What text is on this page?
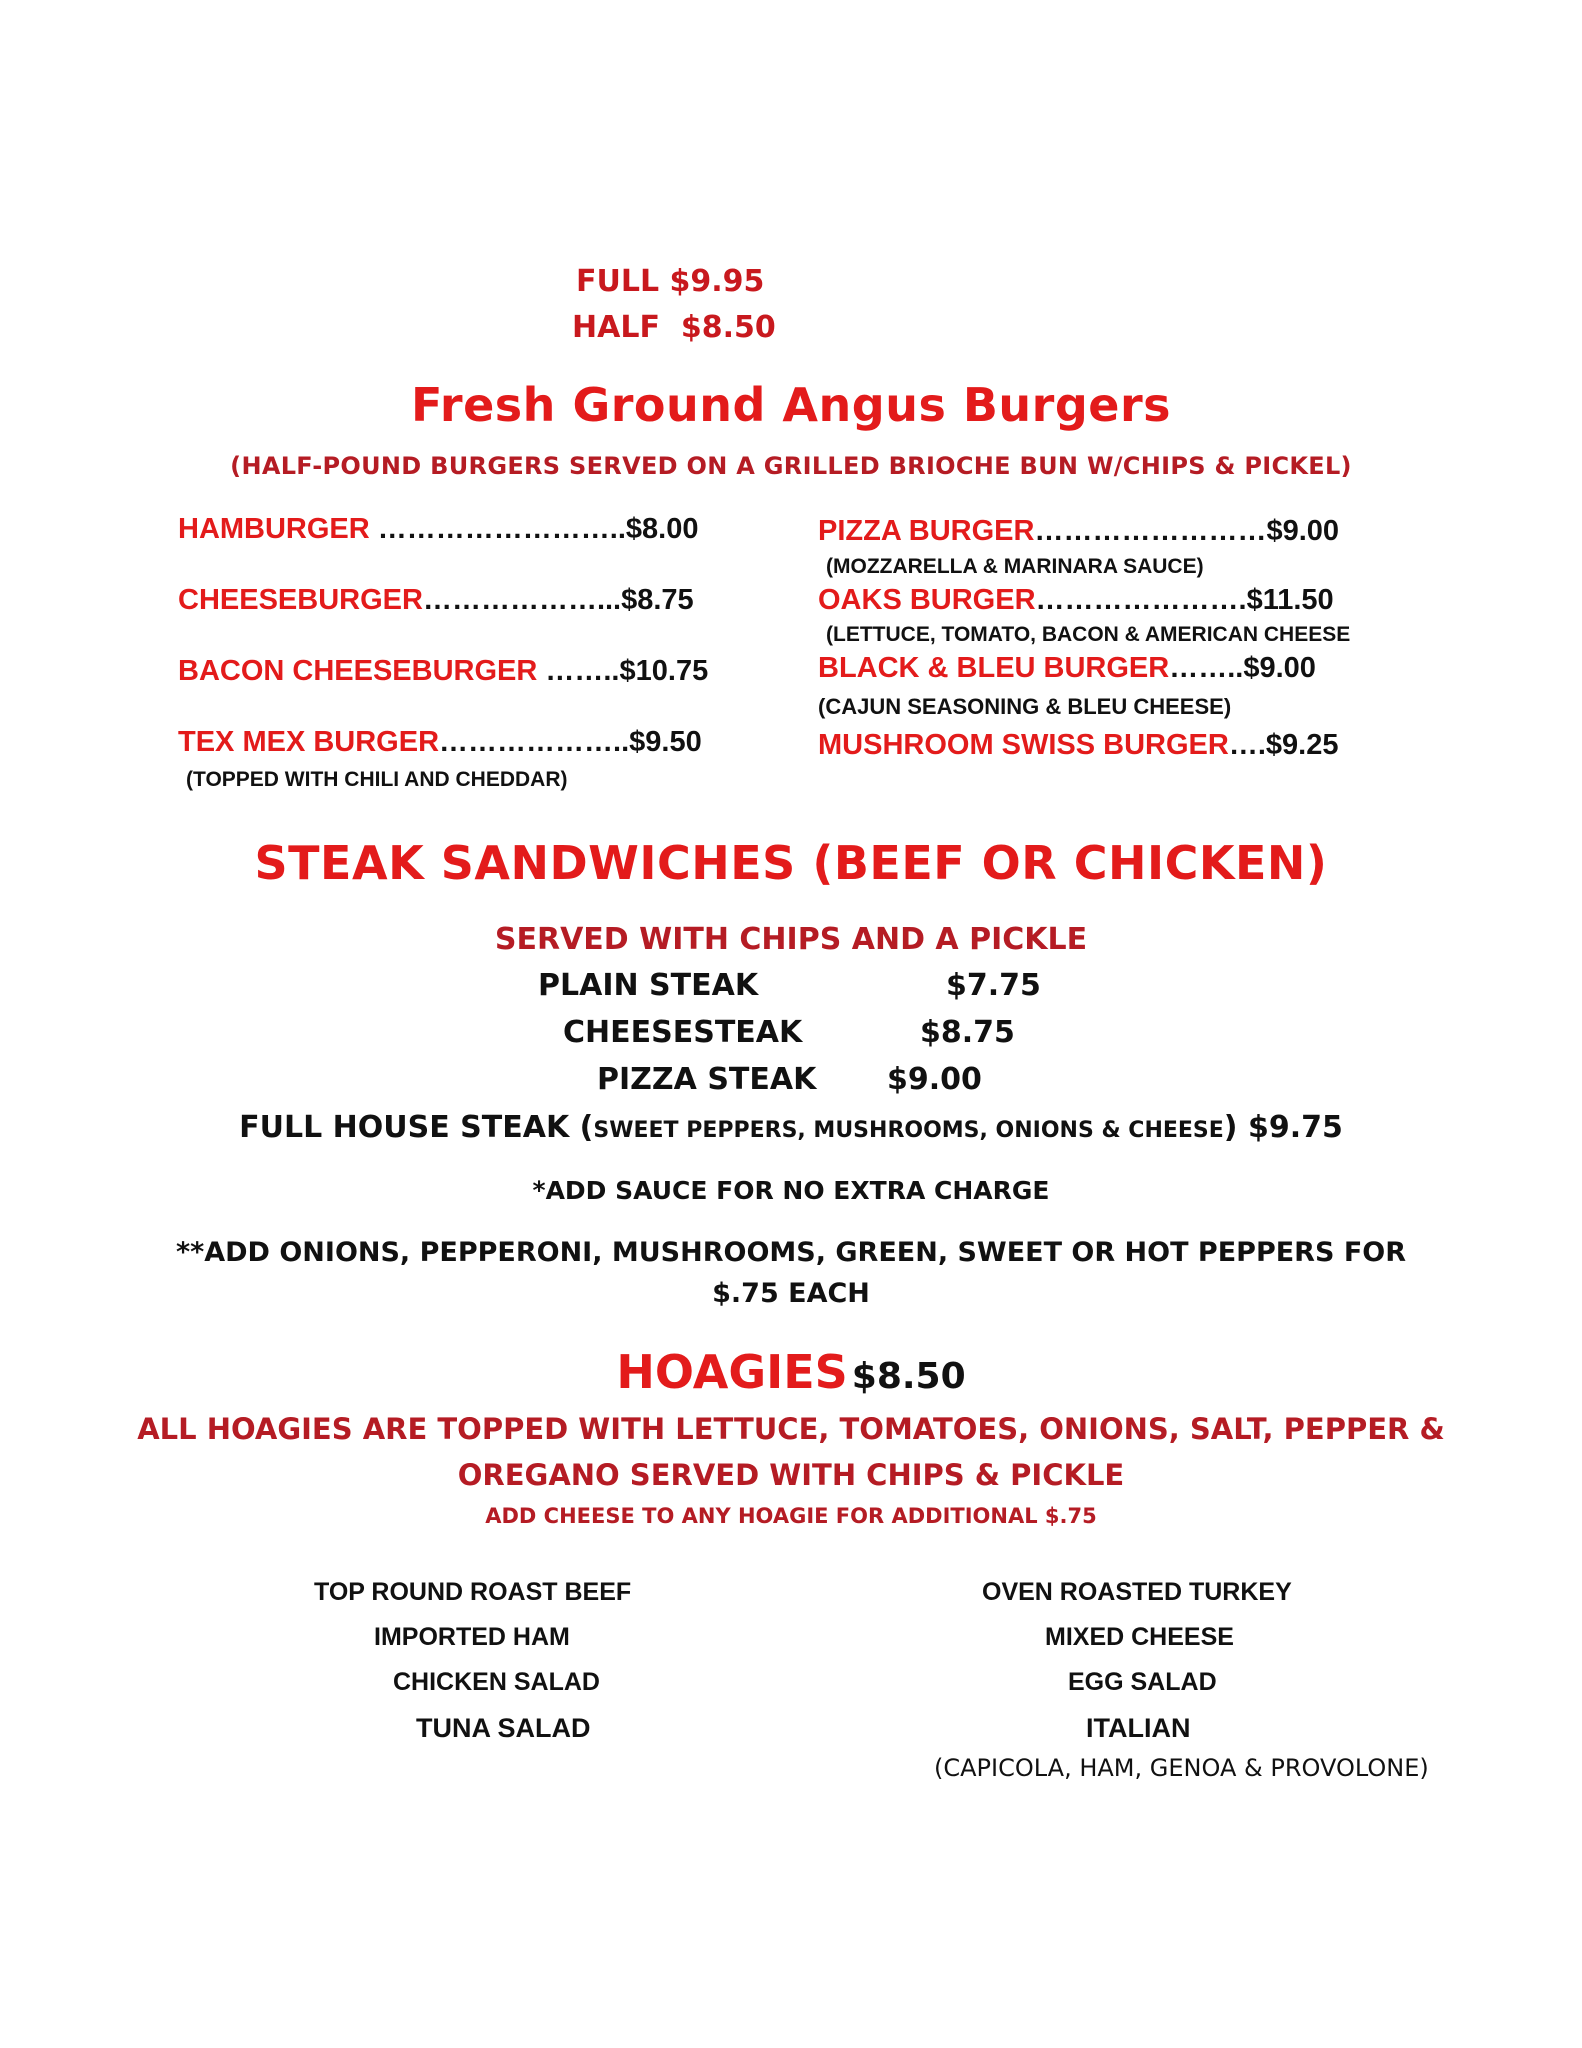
FULL $9.95
HALF  $8.50
Fresh Ground Angus Burgers
(HALF-POUND BURGERS SERVED ON A GRILLED BRIOCHE BUN W/CHIPS & PICKEL)
HAMBURGER ……………………..$8.00
CHEESEBURGER………………...$8.75
BACON CHEESEBURGER ……..$10.75
TEX MEX BURGER………………..$9.50
(TOPPED WITH CHILI AND CHEDDAR)
PIZZA BURGER……………………$9.00
(MOZZARELLA & MARINARA SAUCE)
OAKS BURGER………………….$11.50
(LETTUCE, TOMATO, BACON & AMERICAN CHEESE
BLACK & BLEU BURGER……..$9.00
(CAJUN SEASONING & BLEU CHEESE)
MUSHROOM SWISS BURGER….$9.25
STEAK SANDWICHES (BEEF OR CHICKEN)
SERVED WITH CHIPS AND A PICKLE
PLAIN STEAK	$7.75
CHEESESTEAK	$8.75
PIZZA STEAK $9.00
FULL HOUSE STEAK (SWEET PEPPERS, MUSHROOMS, ONIONS & CHEESE) $9.75
*ADD SAUCE FOR NO EXTRA CHARGE
**ADD ONIONS, PEPPERONI, MUSHROOMS, GREEN, SWEET OR HOT PEPPERS FOR
$.75 EACH
HOAGIES $8.50
ALL HOAGIES ARE TOPPED WITH LETTUCE, TOMATOES, ONIONS, SALT, PEPPER &
OREGANO SERVED WITH CHIPS & PICKLE
ADD CHEESE TO ANY HOAGIE FOR ADDITIONAL $.75
TOP ROUND ROAST BEEF
IMPORTED HAM
CHICKEN SALAD
TUNA SALAD
OVEN ROASTED TURKEY
MIXED CHEESE
EGG SALAD
ITALIAN
(CAPICOLA, HAM, GENOA & PROVOLONE)
